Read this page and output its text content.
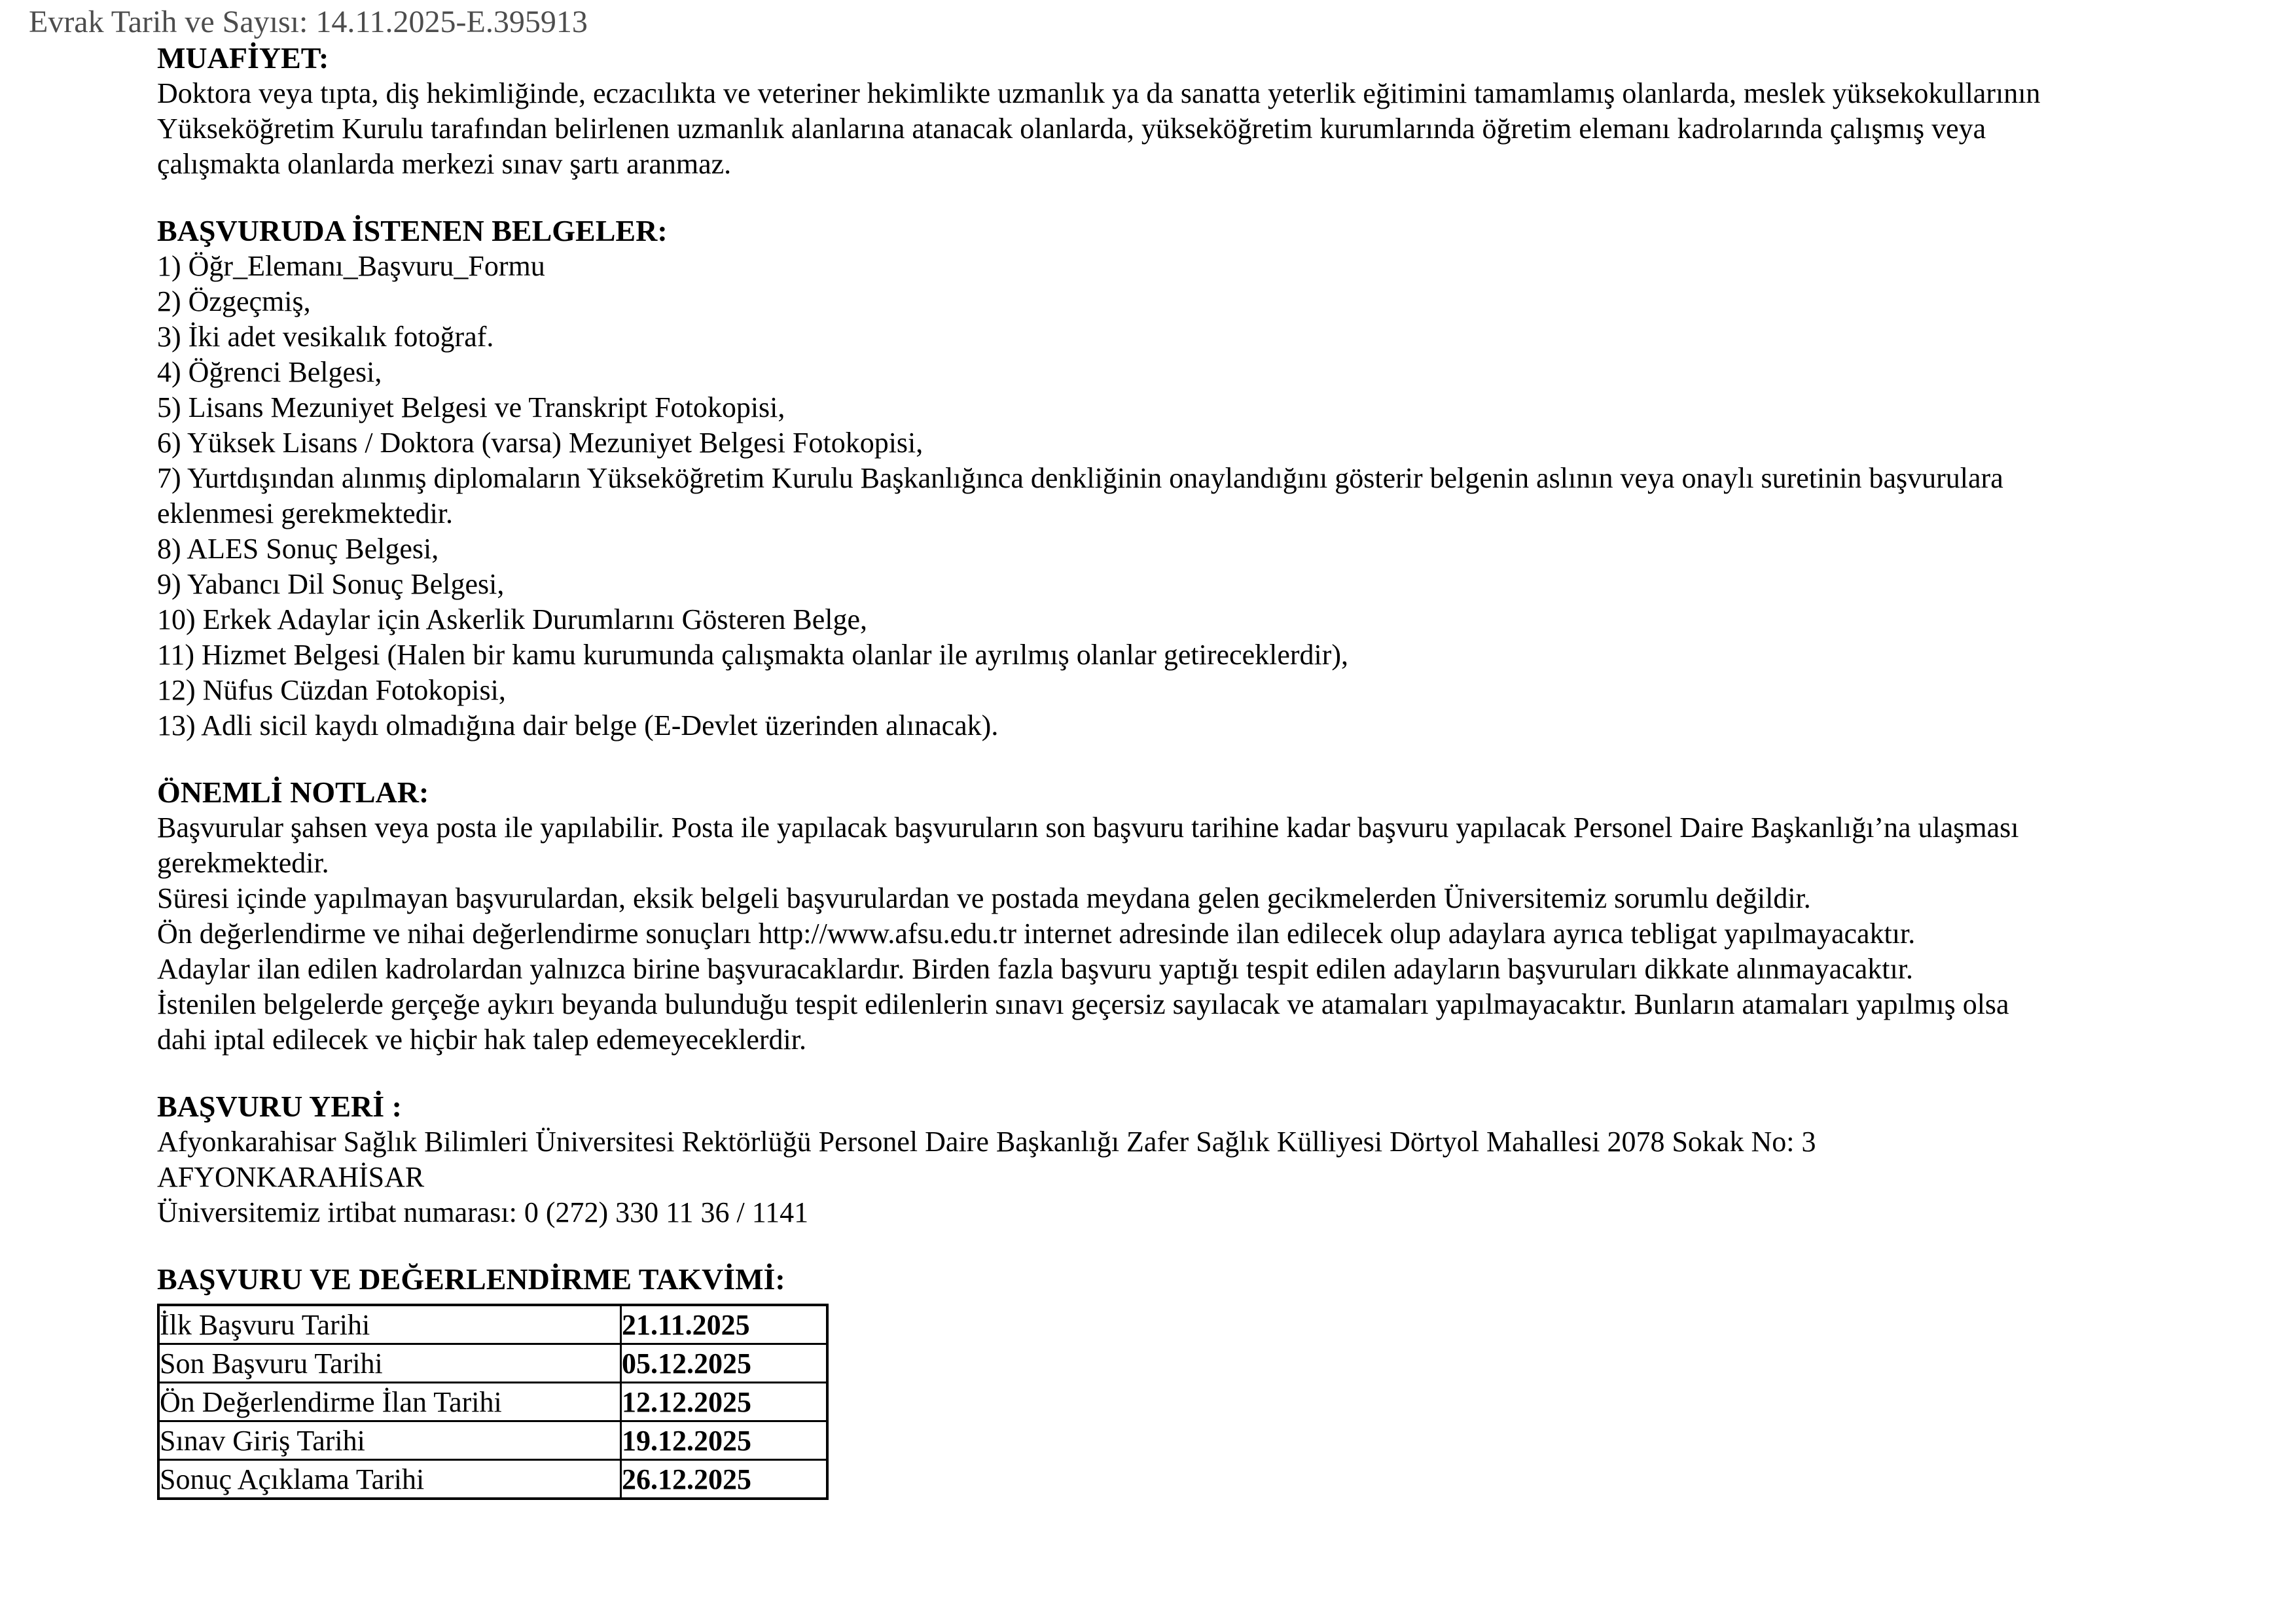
Evrak Tarih ve Sayısı: 14.11.2025-E.395913
MUAFİYET:
Doktora veya tıpta, diş hekimliğinde, eczacılıkta ve veteriner hekimlikte uzmanlık ya da sanatta yeterlik eğitimini tamamlamış olanlarda, meslek yüksekokullarının
Yükseköğretim Kurulu tarafından belirlenen uzmanlık alanlarına atanacak olanlarda, yükseköğretim kurumlarında öğretim elemanı kadrolarında çalışmış veya
çalışmakta olanlarda merkezi sınav şartı aranmaz.
BAŞVURUDA İSTENEN BELGELER:
1) Öğr_Elemanı_Başvuru_Formu
2) Özgeçmiş,
3) İki adet vesikalık fotoğraf.
4) Öğrenci Belgesi,
5) Lisans Mezuniyet Belgesi ve Transkript Fotokopisi,
6) Yüksek Lisans / Doktora (varsa) Mezuniyet Belgesi Fotokopisi,
7) Yurtdışından alınmış diplomaların Yükseköğretim Kurulu Başkanlığınca denkliğinin onaylandığını gösterir belgenin aslının veya onaylı suretinin başvurulara
eklenmesi gerekmektedir.
8) ALES Sonuç Belgesi,
9) Yabancı Dil Sonuç Belgesi,
10) Erkek Adaylar için Askerlik Durumlarını Gösteren Belge,
11) Hizmet Belgesi (Halen bir kamu kurumunda çalışmakta olanlar ile ayrılmış olanlar getireceklerdir),
12) Nüfus Cüzdan Fotokopisi,
13) Adli sicil kaydı olmadığına dair belge (E-Devlet üzerinden alınacak).
ÖNEMLİ NOTLAR:
Başvurular şahsen veya posta ile yapılabilir. Posta ile yapılacak başvuruların son başvuru tarihine kadar başvuru yapılacak Personel Daire Başkanlığı’na ulaşması
gerekmektedir.
Süresi içinde yapılmayan başvurulardan, eksik belgeli başvurulardan ve postada meydana gelen gecikmelerden Üniversitemiz sorumlu değildir.
Ön değerlendirme ve nihai değerlendirme sonuçları http://www.afsu.edu.tr internet adresinde ilan edilecek olup adaylara ayrıca tebligat yapılmayacaktır.
Adaylar ilan edilen kadrolardan yalnızca birine başvuracaklardır. Birden fazla başvuru yaptığı tespit edilen adayların başvuruları dikkate alınmayacaktır.
İstenilen belgelerde gerçeğe aykırı beyanda bulunduğu tespit edilenlerin sınavı geçersiz sayılacak ve atamaları yapılmayacaktır. Bunların atamaları yapılmış olsa
dahi iptal edilecek ve hiçbir hak talep edemeyeceklerdir.
BAŞVURU YERİ :
Afyonkarahisar Sağlık Bilimleri Üniversitesi Rektörlüğü Personel Daire Başkanlığı Zafer Sağlık Külliyesi Dörtyol Mahallesi 2078 Sokak No: 3
AFYONKARAHİSAR
Üniversitemiz irtibat numarası: 0 (272) 330 11 36 / 1141
BAŞVURU VE DEĞERLENDİRME TAKVİMİ:
İlk Başvuru Tarihi	21.11.2025
Son Başvuru Tarihi	05.12.2025
Ön Değerlendirme İlan Tarihi	12.12.2025
Sınav Giriş Tarihi	19.12.2025
Sonuç Açıklama Tarihi	26.12.2025
